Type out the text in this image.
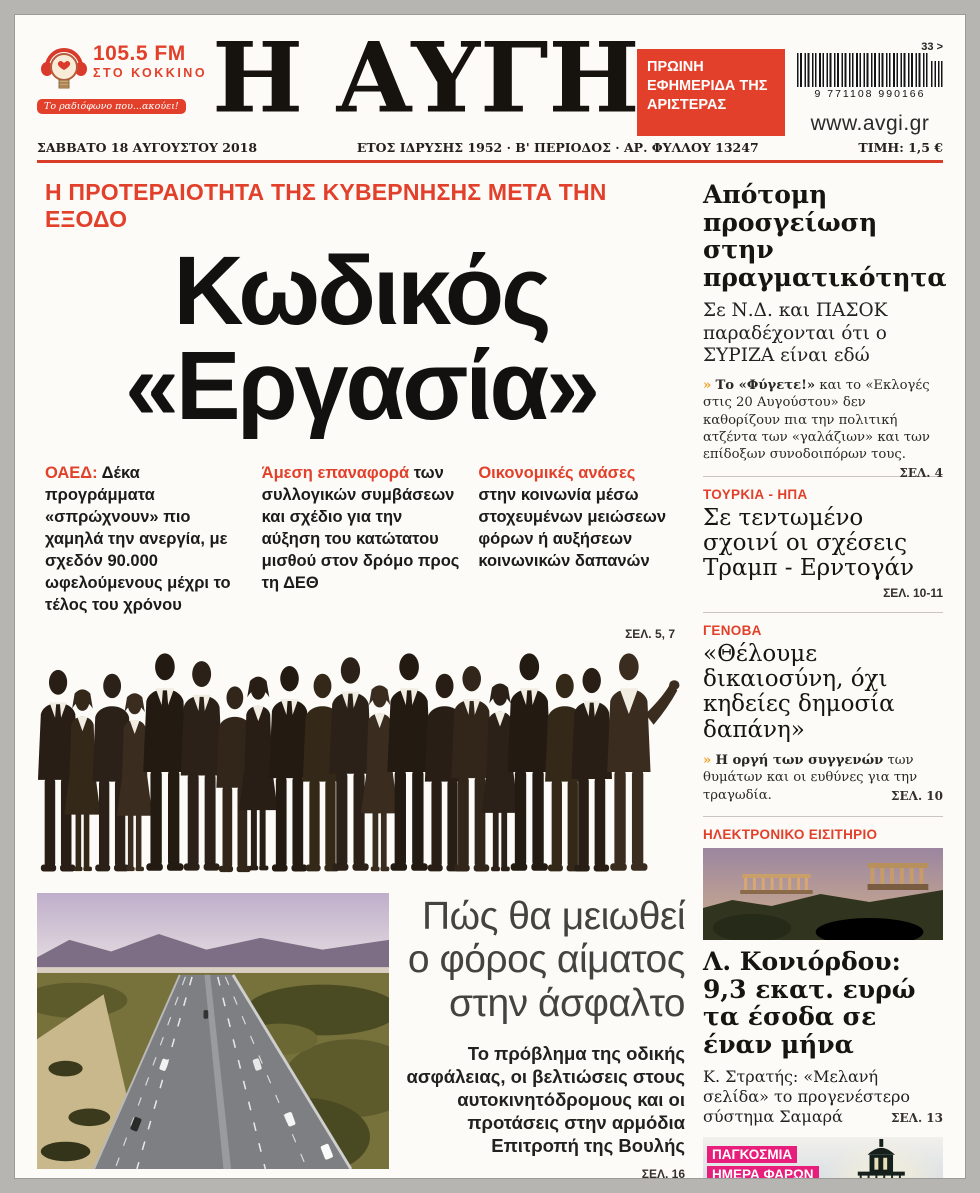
105.5 FM
ΣΤΟ ΚΟΚΚΙΝΟ
Το ραδιόφωνο που...ακούει! Η ΑΥΓΗ ΠΡΩΙΝΗ ΕΦΗΜΕΡΙΔΑ ΤΗΣ ΑΡΙΣΤΕΡΑΣ
33 >
9 771108 990166
www.avgi.gr
ΣΑΒΒΑΤΟ 18 ΑΥΓΟΥΣΤΟΥ 2018	ΕΤΟΣ ΙΔΡΥΣΗΣ 1952 · Β' ΠΕΡΙΟΔΟΣ · ΑΡ. ΦΥΛΛΟΥ 13247	ΤΙΜΗ: 1,5 €
Η ΠΡΟΤΕΡΑΙΟΤΗΤΑ ΤΗΣ ΚΥΒΕΡΝΗΣΗΣ ΜΕΤΑ ΤΗΝ ΕΞΟΔΟ
Κωδικός
«Εργασία»
ΟΑΕΔ: Δέκα προγράμματα «σπρώχνουν» πιο χαμηλά την ανεργία, με σχεδόν 90.000 ωφελούμενους μέχρι το τέλος του χρόνου
Άμεση επαναφορά των συλλογικών συμβάσεων και σχέδιο για την αύξηση του κατώτατου μισθού στον δρόμο προς τη ΔΕΘ
Οικονομικές ανάσες στην κοινωνία μέσω στοχευμένων μειώσεων φόρων ή αυξήσεων κοινωνικών δαπανών
ΣΕΛ. 5, 7
Πώς θα μειωθεί ο φόρος αίματος στην άσφαλτο
Το πρόβλημα της οδικής ασφάλειας, οι βελτιώσεις στους αυτοκινητόδρομους και οι προτάσεις στην αρμόδια Επιτροπή της Βουλής
ΣΕΛ. 16
Απότομη προσγείωση στην πραγματικότητα
Σε Ν.Δ. και ΠΑΣΟΚ παραδέχονται ότι ο ΣΥΡΙΖΑ είναι εδώ
» Το «Φύγετε!» και το «Εκλογές στις 20 Αυγούστου» δεν καθορίζουν πια την πολιτική ατζέντα των «γαλάζιων» και των επίδοξων συνοδοιπόρων τους.
ΣΕΛ. 4
ΤΟΥΡΚΙΑ - ΗΠΑ
Σε τεντωμένο σχοινί οι σχέσεις Τραμπ - Ερντογάν
ΣΕΛ. 10-11
ΓΕΝΟΒΑ
«Θέλουμε δικαιοσύνη, όχι κηδείες δημοσία δαπάνη»
» Η οργή των συγγενών των θυμάτων και οι ευθύνες για την τραγωδία.	ΣΕΛ. 10
ΗΛΕΚΤΡΟΝΙΚΟ ΕΙΣΙΤΗΡΙΟ
Λ. Κονιόρδου: 9,3 εκατ. ευρώ τα έσοδα σε έναν μήνα
Κ. Στρατής: «Μελανή σελίδα» το προγενέστερο σύστημα Σαμαρά	ΣΕΛ. 13
ΠΑΓΚΟΣΜΙΑ ΗΜΕΡΑ ΦΑΡΩΝ
